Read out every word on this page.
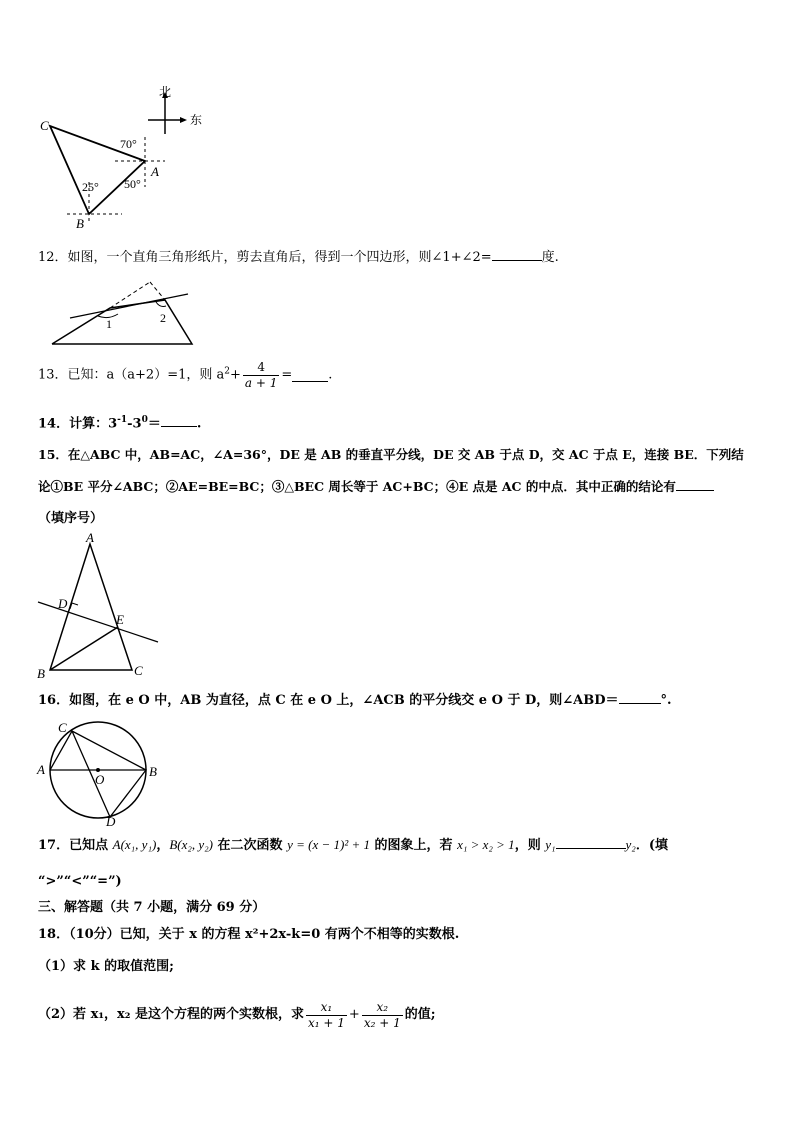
北
东
C
A
B
70°
50°
25°
12．如图，一个直角三角形纸片，剪去直角后，得到一个四边形，则∠1+∠2=	度.
1	2
13．已知：a（a+2）=1，则 $a^2+ \frac{4}{a + 1}$ =	.
14．计算：$3^{-1}-3^0=$	.
15．在△ABC 中，AB=AC，∠A=36°，DE 是 AB 的垂直平分线，DE 交 AB 于点 D，交 AC 于点 E，连接 BE．下列结
论①BE 平分∠ABC；②AE=BE=BC；③△BEC 周长等于 AC+BC；④E 点是 AC 的中点．其中正确的结论有
（填序号）
A
B	C
D
E
16．如图，在 e O 中，AB 为直径，点 C 在 e O 上，∠ACB 的平分线交 e O 于 D，则∠ABD＝	°.
A	B
C
D
O
17．已知点 A(x₁, y₁)，B(x₂, y₂) 在二次函数 y = (x − 1)² + 1 的图象上，若 x₁ > x₂ > 1，则 y₁	y₂．(填
“>”“<”“=”)
三、解答题（共 7 小题，满分 69 分）
18．（10分）已知，关于 x 的方程 x²+2x-k=0 有两个不相等的实数根.
（1）求 k 的取值范围;
（2）若 x₁，x₂ 是这个方程的两个实数根，求 $\frac{\text{x₁}}{\text{x₁ + 1}} + \frac{\text{x₂}}{\text{x₂ + 1}}$ 的值;
